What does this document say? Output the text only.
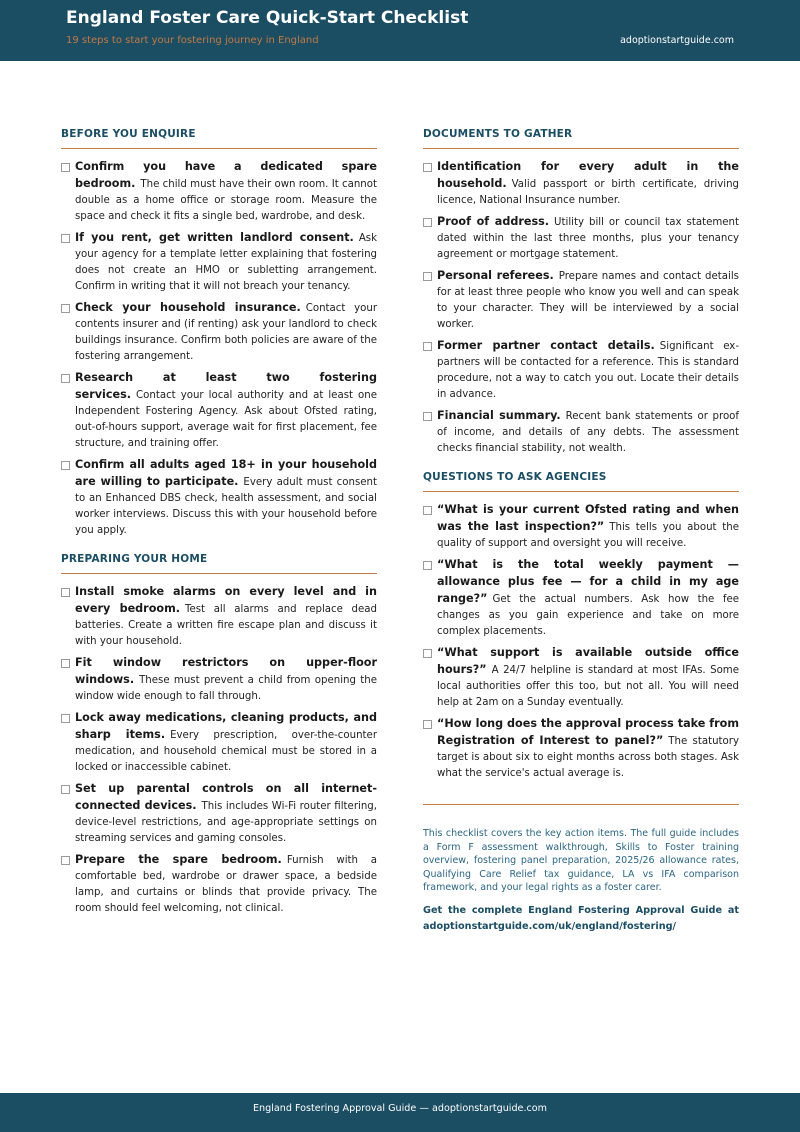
England Foster Care Quick-Start Checklist
19 steps to start your fostering journey in England	adoptionstartguide.com
BEFORE YOU ENQUIRE
Confirm you have a dedicated spare bedroom. The child must have their own room. It cannot double as a home office or storage room. Measure the space and check it fits a single bed, wardrobe, and desk.
If you rent, get written landlord consent. Ask your agency for a template letter explaining that fostering does not create an HMO or subletting arrangement. Confirm in writing that it will not breach your tenancy.
Check your household insurance. Contact your contents insurer and (if renting) ask your landlord to check buildings insurance. Confirm both policies are aware of the fostering arrangement.
Research at least two fostering services. Contact your local authority and at least one Independent Fostering Agency. Ask about Ofsted rating, out-of-hours support, average wait for first placement, fee structure, and training offer.
Confirm all adults aged 18+ in your household are willing to participate. Every adult must consent to an Enhanced DBS check, health assessment, and social worker interviews. Discuss this with your household before you apply.
PREPARING YOUR HOME
Install smoke alarms on every level and in every bedroom. Test all alarms and replace dead batteries. Create a written fire escape plan and discuss it with your household.
Fit window restrictors on upper-floor windows. These must prevent a child from opening the window wide enough to fall through.
Lock away medications, cleaning products, and sharp items. Every prescription, over-the-counter medication, and household chemical must be stored in a locked or inaccessible cabinet.
Set up parental controls on all internet-connected devices. This includes Wi-Fi router filtering, device-level restrictions, and age-appropriate settings on streaming services and gaming consoles.
Prepare the spare bedroom. Furnish with a comfortable bed, wardrobe or drawer space, a bedside lamp, and curtains or blinds that provide privacy. The room should feel welcoming, not clinical.
DOCUMENTS TO GATHER
Identification for every adult in the household. Valid passport or birth certificate, driving licence, National Insurance number.
Proof of address. Utility bill or council tax statement dated within the last three months, plus your tenancy agreement or mortgage statement.
Personal referees. Prepare names and contact details for at least three people who know you well and can speak to your character. They will be interviewed by a social worker.
Former partner contact details. Significant ex-partners will be contacted for a reference. This is standard procedure, not a way to catch you out. Locate their details in advance.
Financial summary. Recent bank statements or proof of income, and details of any debts. The assessment checks financial stability, not wealth.
QUESTIONS TO ASK AGENCIES
“What is your current Ofsted rating and when was the last inspection?” This tells you about the quality of support and oversight you will receive.
“What is the total weekly payment — allowance plus fee — for a child in my age range?” Get the actual numbers. Ask how the fee changes as you gain experience and take on more complex placements.
“What support is available outside office hours?” A 24/7 helpline is standard at most IFAs. Some local authorities offer this too, but not all. You will need help at 2am on a Sunday eventually.
“How long does the approval process take from Registration of Interest to panel?” The statutory target is about six to eight months across both stages. Ask what the service's actual average is.
This checklist covers the key action items. The full guide includes a Form F assessment walkthrough, Skills to Foster training overview, fostering panel preparation, 2025/26 allowance rates, Qualifying Care Relief tax guidance, LA vs IFA comparison framework, and your legal rights as a foster carer.
Get the complete England Fostering Approval Guide at adoptionstartguide.com/uk/england/fostering/
England Fostering Approval Guide — adoptionstartguide.com
